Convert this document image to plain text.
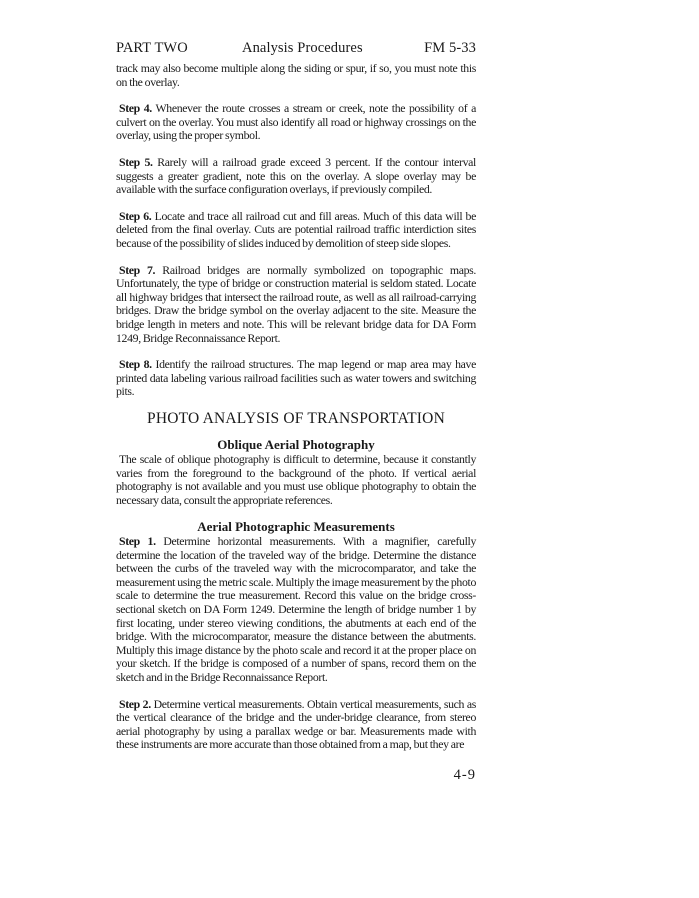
PART TWO	Analysis Procedures	FM 5-33

track may also become multiple along the siding or spur, if so, you must note this on the overlay.

Step 4. Whenever the route crosses a stream or creek, note the possibility of a culvert on the overlay. You must also identify all road or highway crossings on the overlay, using the proper symbol.

Step 5. Rarely will a railroad grade exceed 3 percent. If the contour interval suggests a greater gradient, note this on the overlay. A slope overlay may be available with the surface configuration overlays, if previously compiled.

Step 6. Locate and trace all railroad cut and fill areas. Much of this data will be deleted from the final overlay. Cuts are potential railroad traffic interdiction sites because of the possibility of slides induced by demolition of steep side slopes.

Step 7. Railroad bridges are normally symbolized on topographic maps. Unfortunately, the type of bridge or construction material is seldom stated. Locate all highway bridges that intersect the railroad route, as well as all railroad-carrying bridges. Draw the bridge symbol on the overlay adjacent to the site. Measure the bridge length in meters and note. This will be relevant bridge data for DA Form 1249, Bridge Reconnaissance Report.

Step 8. Identify the railroad structures. The map legend or map area may have printed data labeling various railroad facilities such as water towers and switching pits.

PHOTO ANALYSIS OF TRANSPORTATION
Oblique Aerial Photography

The scale of oblique photography is difficult to determine, because it constantly varies from the foreground to the background of the photo. If vertical aerial photography is not available and you must use oblique photography to obtain the necessary data, consult the appropriate references.

Aerial Photographic Measurements

Step 1. Determine horizontal measurements. With a magnifier, carefully determine the location of the traveled way of the bridge. Determine the distance between the curbs of the traveled way with the microcomparator, and take the measurement using the metric scale. Multiply the image measurement by the photo scale to determine the true measurement. Record this value on the bridge cross-sectional sketch on DA Form 1249. Determine the length of bridge number 1 by first locating, under stereo viewing conditions, the abutments at each end of the bridge. With the microcomparator, measure the distance between the abutments. Multiply this image distance by the photo scale and record it at the proper place on your sketch. If the bridge is composed of a number of spans, record them on the sketch and in the Bridge Reconnaissance Report.

Step 2. Determine vertical measurements. Obtain vertical measurements, such as the vertical clearance of the bridge and the under-bridge clearance, from stereo aerial photography by using a parallax wedge or bar. Measurements made with these instruments are more accurate than those obtained from a map, but they are

4-9
